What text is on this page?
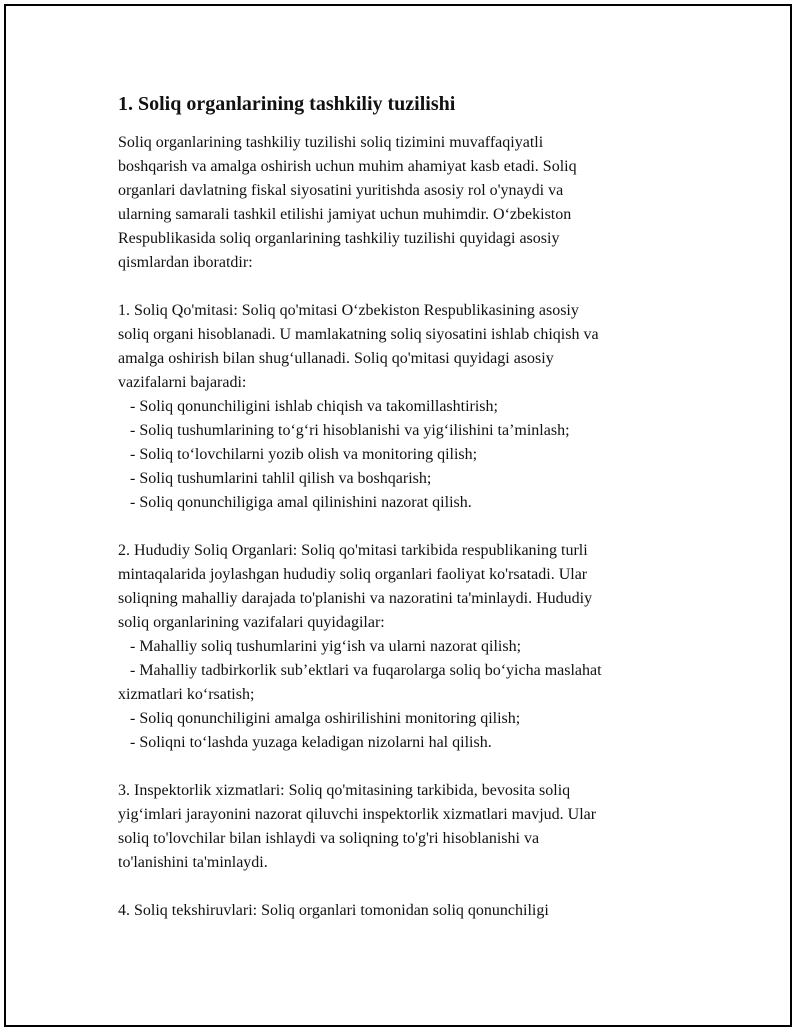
1. Soliq organlarining tashkiliy tuzilishi

Soliq organlarining tashkiliy tuzilishi soliq tizimini muvaffaqiyatli

boshqarish va amalga oshirish uchun muhim ahamiyat kasb etadi. Soliq

organlari davlatning fiskal siyosatini yuritishda asosiy rol o'ynaydi va

ularning samarali tashkil etilishi jamiyat uchun muhimdir. O‘zbekiston

Respublikasida soliq organlarining tashkiliy tuzilishi quyidagi asosiy

qismlardan iboratdir:

1. Soliq Qo'mitasi: Soliq qo'mitasi O‘zbekiston Respublikasining asosiy

soliq organi hisoblanadi. U mamlakatning soliq siyosatini ishlab chiqish va

amalga oshirish bilan shug‘ullanadi. Soliq qo'mitasi quyidagi asosiy

vazifalarni bajaradi:

- Soliq qonunchiligini ishlab chiqish va takomillashtirish;

- Soliq tushumlarining to‘g‘ri hisoblanishi va yig‘ilishini ta’minlash;

- Soliq to‘lovchilarni yozib olish va monitoring qilish;

- Soliq tushumlarini tahlil qilish va boshqarish;

- Soliq qonunchiligiga amal qilinishini nazorat qilish.

2. Hududiy Soliq Organlari: Soliq qo'mitasi tarkibida respublikaning turli

mintaqalarida joylashgan hududiy soliq organlari faoliyat ko'rsatadi. Ular

soliqning mahalliy darajada to'planishi va nazoratini ta'minlaydi. Hududiy

soliq organlarining vazifalari quyidagilar:

- Mahalliy soliq tushumlarini yig‘ish va ularni nazorat qilish;

- Mahalliy tadbirkorlik sub’ektlari va fuqarolarga soliq bo‘yicha maslahat

xizmatlari ko‘rsatish;

- Soliq qonunchiligini amalga oshirilishini monitoring qilish;

- Soliqni to‘lashda yuzaga keladigan nizolarni hal qilish.

3. Inspektorlik xizmatlari: Soliq qo'mitasining tarkibida, bevosita soliq

yig‘imlari jarayonini nazorat qiluvchi inspektorlik xizmatlari mavjud. Ular

soliq to'lovchilar bilan ishlaydi va soliqning to'g'ri hisoblanishi va

to'lanishini ta'minlaydi.

4. Soliq tekshiruvlari: Soliq organlari tomonidan soliq qonunchiligi
